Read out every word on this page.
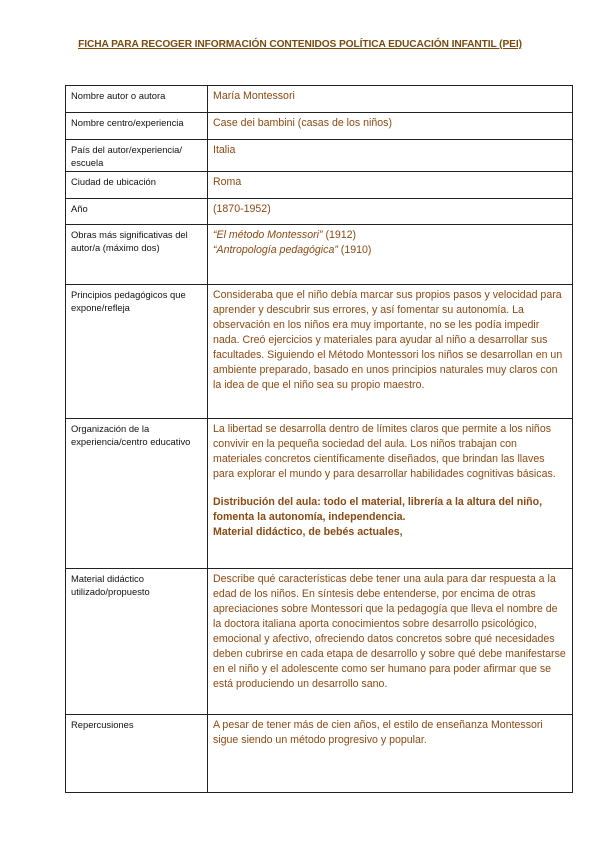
FICHA PARA RECOGER INFORMACIÓN CONTENIDOS POLÍTICA EDUCACIÓN INFANTIL (PEI)
Nombre autor o autora	María Montessori
Nombre centro/experiencia	Case dei bambini (casas de los niños)
País del autor/experiencia/ escuela	Italia
Ciudad de ubicación	Roma
Año	(1870-1952)
Obras más significativas del autor/a (máximo dos)	“El método Montessori” (1912)
“Antropología pedagógica” (1910)

Principios pedagógicos que expone/refleja	Consideraba que el niño debía marcar sus propios pasos y velocidad para aprender y descubrir sus errores, y así fomentar su autonomía. La observación en los niños era muy importante, no se les podía impedir nada. Creó ejercicios y materiales para ayudar al niño a desarrollar sus facultades. Siguiendo el Método Montessori los niños se desarrollan en un ambiente preparado, basado en unos principios naturales muy claros con la idea de que el niño sea su propio maestro.
Organización de la experiencia/centro educativo	La libertad se desarrolla dentro de límites claros que permite a los niños convivir en la pequeña sociedad del aula. Los niños trabajan con materiales concretos científicamente diseñados, que brindan las llaves para explorar el mundo y para desarrollar habilidades cognitivas básicas.
Distribución del aula: todo el material, librería a la altura del niño, fomenta la autonomía, independencia.
Material didáctico, de bebés actuales,

Material didáctico utilizado/propuesto	Describe qué características debe tener una aula para dar respuesta a la edad de los niños. En síntesis debe entenderse, por encima de otras apreciaciones sobre Montessori que la pedagogía que lleva el nombre de la doctora italiana aporta conocimientos sobre desarrollo psicológico, emocional y afectivo, ofreciendo datos concretos sobre qué necesidades deben cubrirse en cada etapa de desarrollo y sobre qué debe manifestarse en el niño y el adolescente como ser humano para poder afirmar que se está produciendo un desarrollo sano.
Repercusiones	A pesar de tener más de cien años, el estilo de enseñanza Montessori sigue siendo un método progresivo y popular.
